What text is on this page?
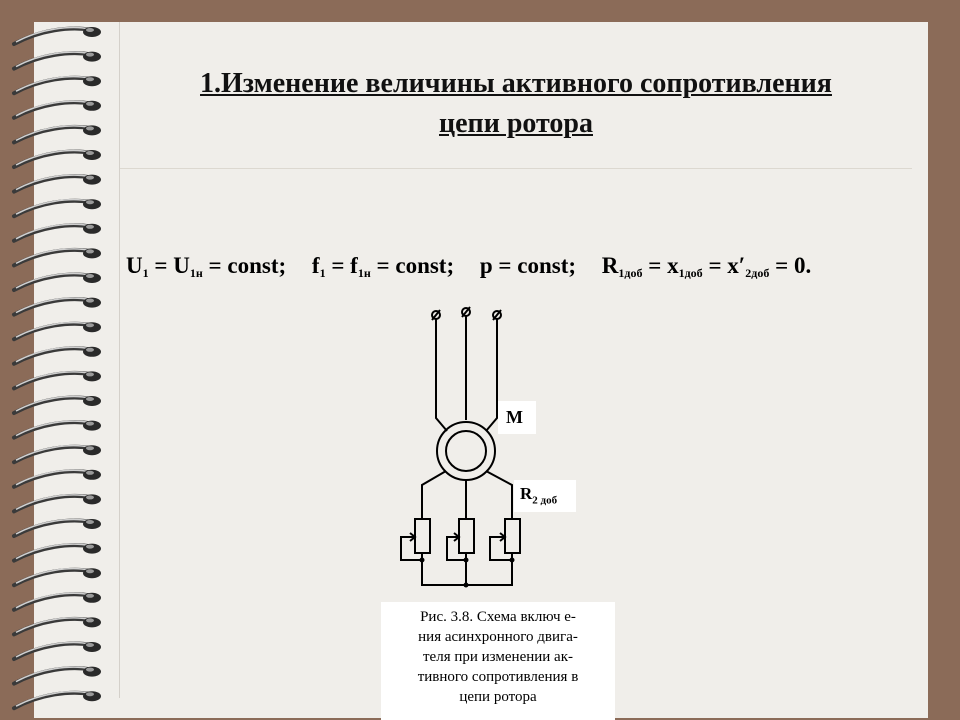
1.Изменение величины активного сопротивления
цепи ротора
$U_1 = U_{1н}$ = const; $f_1 = f_{1н}$ = const; p = const; $R_{1доб} = x_{1доб} = x'_{2доб} = 0$.
M
$R_{2 доб}$
Рис. 3.8. Схема включ е-
ния асинхронного двига-
теля при изменении ак-
тивного сопротивления в
цепи ротора
